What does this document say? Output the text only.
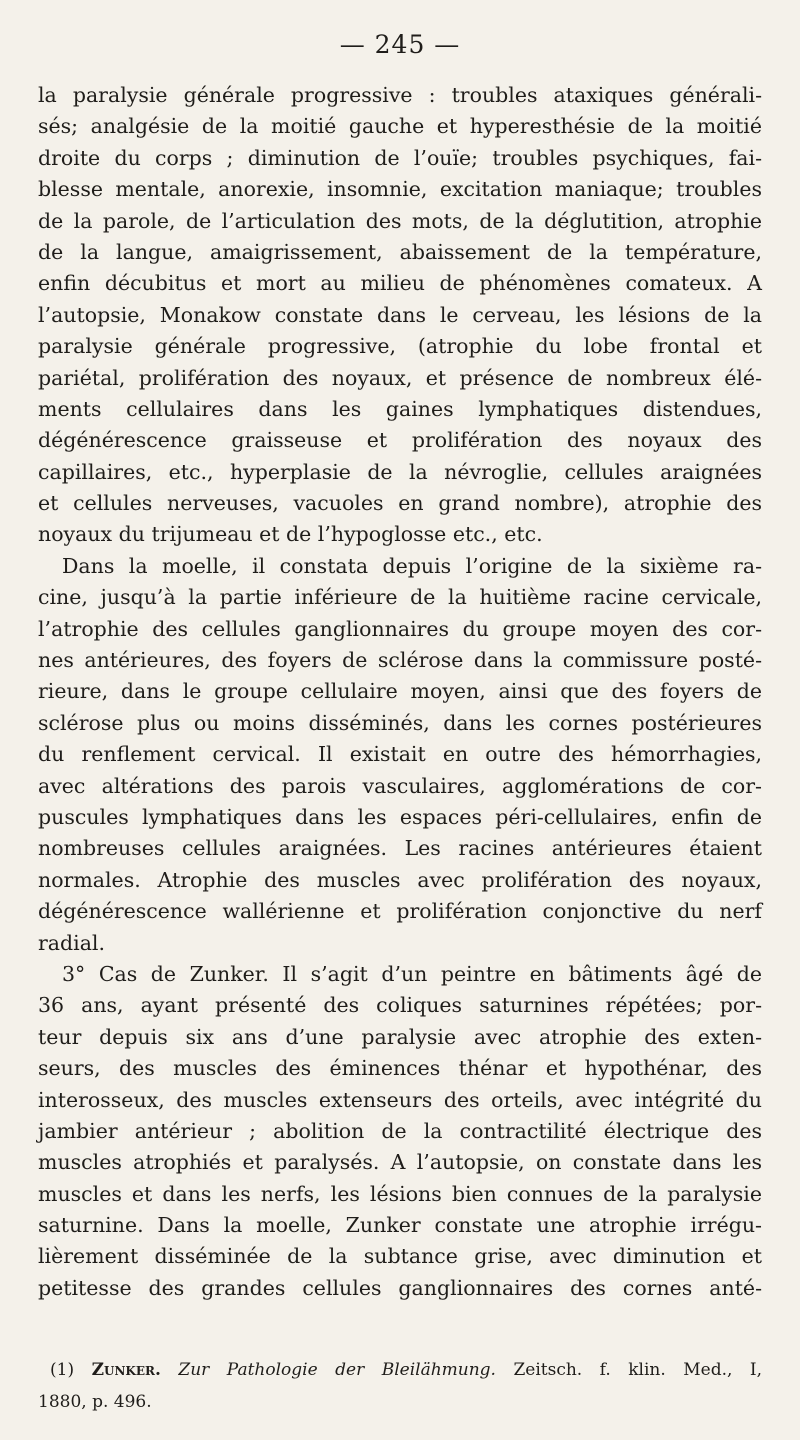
— 245 —
la paralysie générale progressive : troubles ataxiques générali-
sés; analgésie de la moitié gauche et hyperesthésie de la moitié
droite du corps ; diminution de l’ouïe; troubles psychiques, fai-
blesse mentale, anorexie, insomnie, excitation maniaque; troubles
de la parole, de l’articulation des mots, de la déglutition, atrophie
de la langue, amaigrissement, abaissement de la température,
enfin décubitus et mort au milieu de phénomènes comateux. A
l’autopsie, Monakow constate dans le cerveau, les lésions de la
paralysie générale progressive, (atrophie du lobe frontal et
pariétal, prolifération des noyaux, et présence de nombreux élé-
ments cellulaires dans les gaines lymphatiques distendues,
dégénérescence graisseuse et prolifération des noyaux des
capillaires, etc., hyperplasie de la névroglie, cellules araignées
et cellules nerveuses, vacuoles en grand nombre), atrophie des
noyaux du trijumeau et de l’hypoglosse etc., etc.
Dans la moelle, il constata depuis l’origine de la sixième ra-
cine, jusqu’à la partie inférieure de la huitième racine cervicale,
l’atrophie des cellules ganglionnaires du groupe moyen des cor-
nes antérieures, des foyers de sclérose dans la commissure posté-
rieure, dans le groupe cellulaire moyen, ainsi que des foyers de
sclérose plus ou moins disséminés, dans les cornes postérieures
du renflement cervical. Il existait en outre des hémorrhagies,
avec altérations des parois vasculaires, agglomérations de cor-
puscules lymphatiques dans les espaces péri-cellulaires, enfin de
nombreuses cellules araignées. Les racines antérieures étaient
normales. Atrophie des muscles avec prolifération des noyaux,
dégénérescence wallérienne et prolifération conjonctive du nerf
radial.
3° Cas de Zunker. Il s’agit d’un peintre en bâtiments âgé de
36 ans, ayant présenté des coliques saturnines répétées; por-
teur depuis six ans d’une paralysie avec atrophie des exten-
seurs, des muscles des éminences thénar et hypothénar, des
interosseux, des muscles extenseurs des orteils, avec intégrité du
jambier antérieur ; abolition de la contractilité électrique des
muscles atrophiés et paralysés. A l’autopsie, on constate dans les
muscles et dans les nerfs, les lésions bien connues de la paralysie
saturnine. Dans la moelle, Zunker constate une atrophie irrégu-
lièrement disséminée de la subtance grise, avec diminution et
petitesse des grandes cellules ganglionnaires des cornes anté-
(1) Zunker. Zur Pathologie der Bleilähmung. Zeitsch. f. klin. Med., I,
1880, p. 496.
